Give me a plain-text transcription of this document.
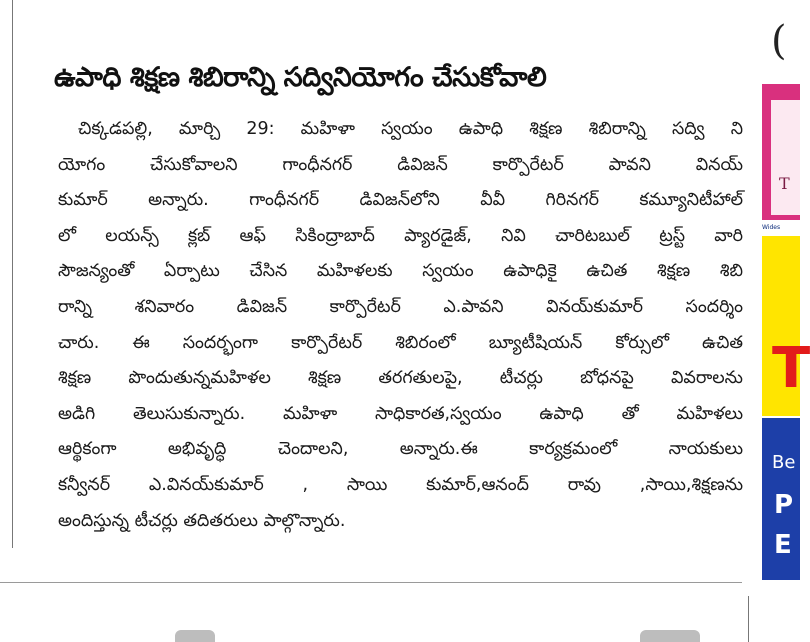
ఉపాధి శిక్షణ శిబిరాన్ని సద్వినియోగం చేసుకోవాలి
చిక్కడపల్లి, మార్చి 29: మహిళా స్వయం ఉపాధి శిక్షణ శిబిరాన్ని సద్వి ని
యోగం చేసుకోవాలని గాంధీనగర్ డివిజన్ కార్పొరేటర్ పావని వినయ్
కుమార్ అన్నారు. గాంధీనగర్ డివిజన్‌లోని వీవీ గిరినగర్ కమ్యూనిటీహాల్
లో లయన్స్ క్లబ్ ఆఫ్ సికింద్రాబాద్ ప్యారడైజ్, నివి చారిటబుల్ ట్రస్ట్ వారి
సౌజన్యంతో ఏర్పాటు చేసిన మహిళలకు స్వయం ఉపాధికై ఉచిత శిక్షణ శిబి
రాన్ని శనివారం డివిజన్ కార్పొరేటర్ ఎ.పావని వినయ్‌కుమార్ సందర్శిం
చారు. ఈ సందర్భంగా కార్పొరేటర్ శిబిరంలో బ్యూటీషియన్ కోర్సులో ఉచిత
శిక్షణ పొందుతున్నమహిళల శిక్షణ తరగతులపై, టీచర్లు బోధనపై వివరాలను
అడిగి తెలుసుకున్నారు. మహిళా సాధికారత,స్వయం ఉపాధి తో మహిళలు
ఆర్థికంగా అభివృద్ధి చెందాలని, అన్నారు.ఈ కార్యక్రమంలో నాయకులు
కన్వీనర్ ఎ.వినయ్‌కుమార్ , సాయి కుమార్,ఆనంద్ రావు ,సాయి,శిక్షణను
అందిస్తున్న టీచర్లు తదితరులు పాల్గొన్నారు.
(
T
Wides
T
Be
P
E
